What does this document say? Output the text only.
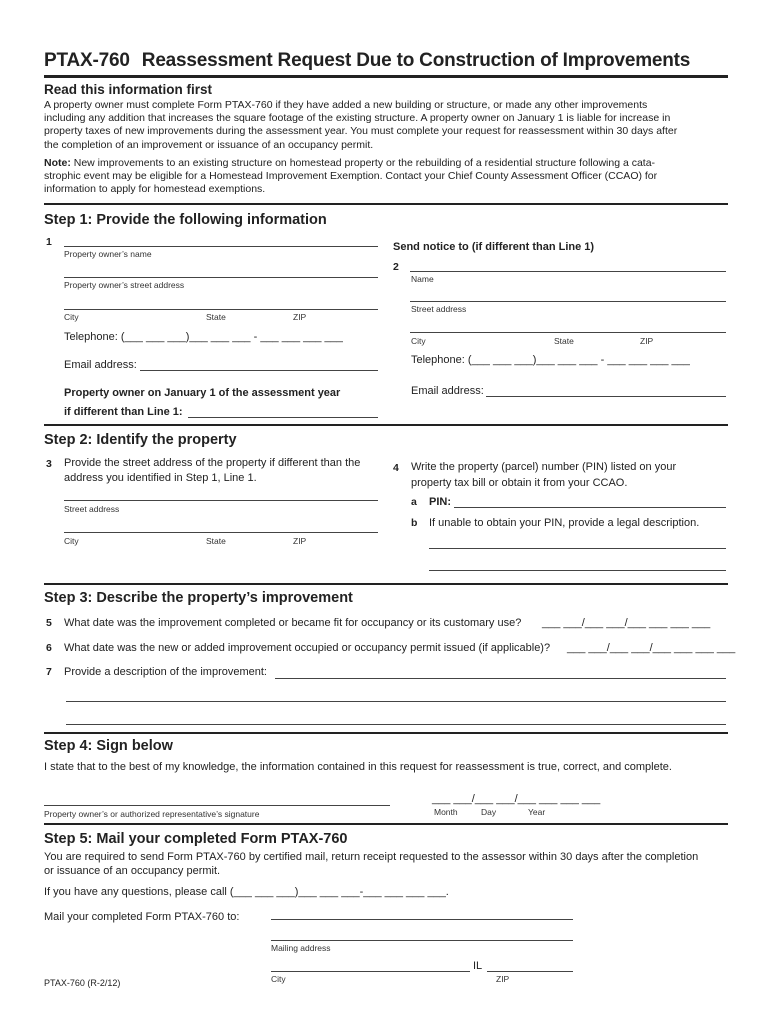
PTAX-760 Reassessment Request Due to Construction of Improvements
Read this information first
A property owner must complete Form PTAX-760 if they have added a new building or structure, or made any other improvements
including any addition that increases the square footage of the existing structure. A property owner on January 1 is liable for increase in
property taxes of new improvements during the assessment year. You must complete your request for reassessment within 30 days after
the completion of an improvement or issuance of an occupancy permit.
Note: New improvements to an existing structure on homestead property or the rebuilding of a residential structure following a cata-
strophic event may be eligible for a Homestead Improvement Exemption. Contact your Chief County Assessment Officer (CCAO) for
information to apply for homestead exemptions.
Step 1: Provide the following information
1
Property owner’s name
Property owner’s street address
City	State	ZIP
Telephone: (___ ___ ___)___ ___ ___ - ___ ___ ___ ___
Email address:
Property owner on January 1 of the assessment year
if different than Line 1:
Send notice to (if different than Line 1)
2
Name
Street address
City	State	ZIP
Telephone: (___ ___ ___)___ ___ ___ - ___ ___ ___ ___
Email address:
Step 2: Identify the property
3 Provide the street address of the property if different than the
address you identified in Step 1, Line 1.
Street address
City	State	ZIP
4 Write the property (parcel) number (PIN) listed on your
property tax bill or obtain it from your CCAO.
a PIN:
b If unable to obtain your PIN, provide a legal description.
Step 3: Describe the property’s improvement
5 What date was the improvement completed or became fit for occupancy or its customary use? ___ ___/___ ___/___ ___ ___ ___
6 What date was the new or added improvement occupied or occupancy permit issued (if applicable)? ___ ___/___ ___/___ ___ ___ ___
7 Provide a description of the improvement:
Step 4: Sign below
I state that to the best of my knowledge, the information contained in this request for reassessment is true, correct, and complete.
Property owner’s or authorized representative’s signature
___ ___/___ ___/___ ___ ___ ___
Month	Day	Year
Step 5: Mail your completed Form PTAX-760
You are required to send Form PTAX-760 by certified mail, return receipt requested to the assessor within 30 days after the completion
or issuance of an occupancy permit.
If you have any questions, please call (___ ___ ___)___ ___ ___-___ ___ ___ ___.
Mail your completed Form PTAX-760 to:
Mailing address
IL
City	ZIP
PTAX-760 (R-2/12)
